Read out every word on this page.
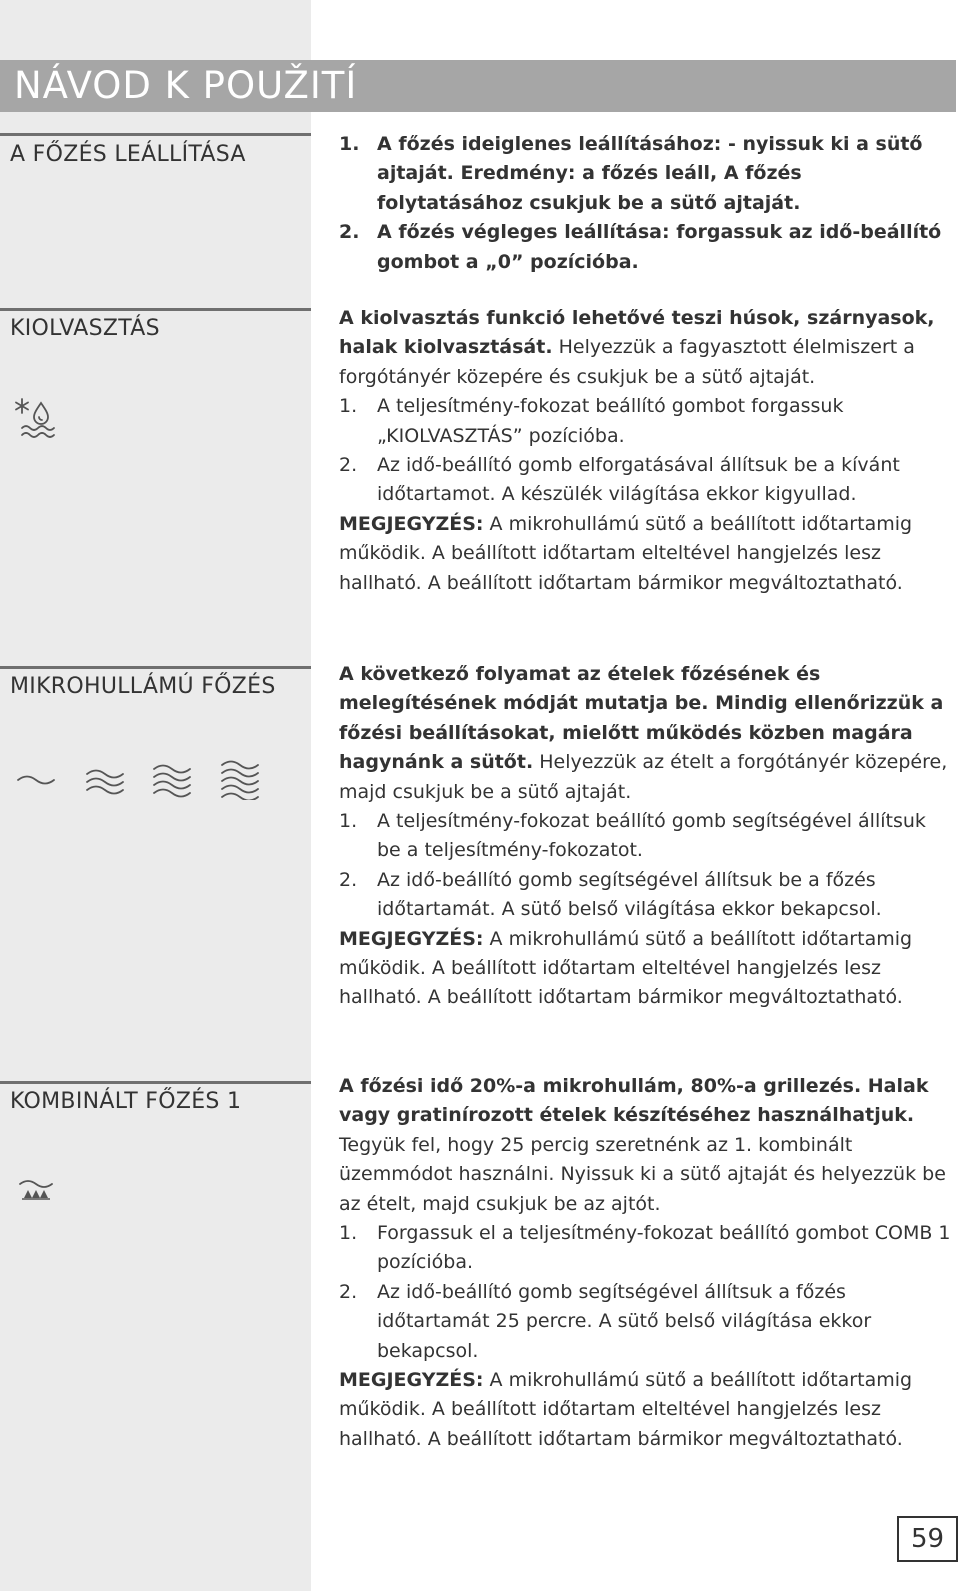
NÁVOD K POUŽITÍ
A FŐZÉS LEÁLLÍTÁSA	1. A főzés ideiglenes leállításához: - nyissuk ki a sütő ajtaját. Eredmény: a főzés leáll, A főzés folytatásához csukjuk be a sütő ajtaját.
2. A főzés végleges leállítása: forgassuk az idő-beállító gombot a „0” pozícióba.
KIOLVASZTÁS	A kiolvasztás funkció lehetővé teszi húsok, szárnyasok, halak kiolvasztását. Helyezzük a fagyasztott élelmiszert a forgótányér közepére és csukjuk be a sütő ajtaját.

1.	A teljesítmény-fokozat beállító gombot forgassuk „KIOLVASZTÁS” pozícióba.
2.	Az idő-beállító gomb elforgatásával állítsuk be a kívánt időtartamot. A készülék világítása ekkor kigyullad.

MEGJEGYZÉS: A mikrohullámú sütő a beállított időtartamig működik. A beállított időtartam elteltével hangjelzés lesz hallható. A beállított időtartam bármikor megváltoztatható.

MIKROHULLÁMÚ FŐZÉS	A következő folyamat az ételek főzésének és melegítésének módját mutatja be. Mindig ellenőrizzük a főzési beállításokat, mielőtt működés közben magára hagynánk a sütőt. Helyezzük az ételt a forgótányér közepére, majd csukjuk be a sütő ajtaját.

1.	A teljesítmény-fokozat beállító gomb segítségével állítsuk be a teljesítmény-fokozatot.
2.	Az idő-beállító gomb segítségével állítsuk be a főzés időtartamát. A sütő belső világítása ekkor bekapcsol.

MEGJEGYZÉS: A mikrohullámú sütő a beállított időtartamig működik. A beállított időtartam elteltével hangjelzés lesz hallható. A beállított időtartam bármikor megváltoztatható.

KOMBINÁLT FŐZÉS 1

A főzési idő 20%-a mikrohullám, 80%-a grillezés. Halak vagy gratinírozott ételek készítéséhez használhatjuk. Tegyük fel, hogy 25 percig szeretnénk az 1. kombinált üzemmódot használni. Nyissuk ki a sütő ajtaját és helyezzük be az ételt, majd csukjuk be az ajtót.

1.	Forgassuk el a teljesítmény-fokozat beállító gombot COMB 1 pozícióba.
2.	Az idő-beállító gomb segítségével állítsuk a főzés időtartamát 25 percre. A sütő belső világítása ekkor bekapcsol.

MEGJEGYZÉS: A mikrohullámú sütő a beállított időtartamig működik. A beállított időtartam elteltével hangjelzés lesz hallható. A beállított időtartam bármikor megváltoztatható.

59
